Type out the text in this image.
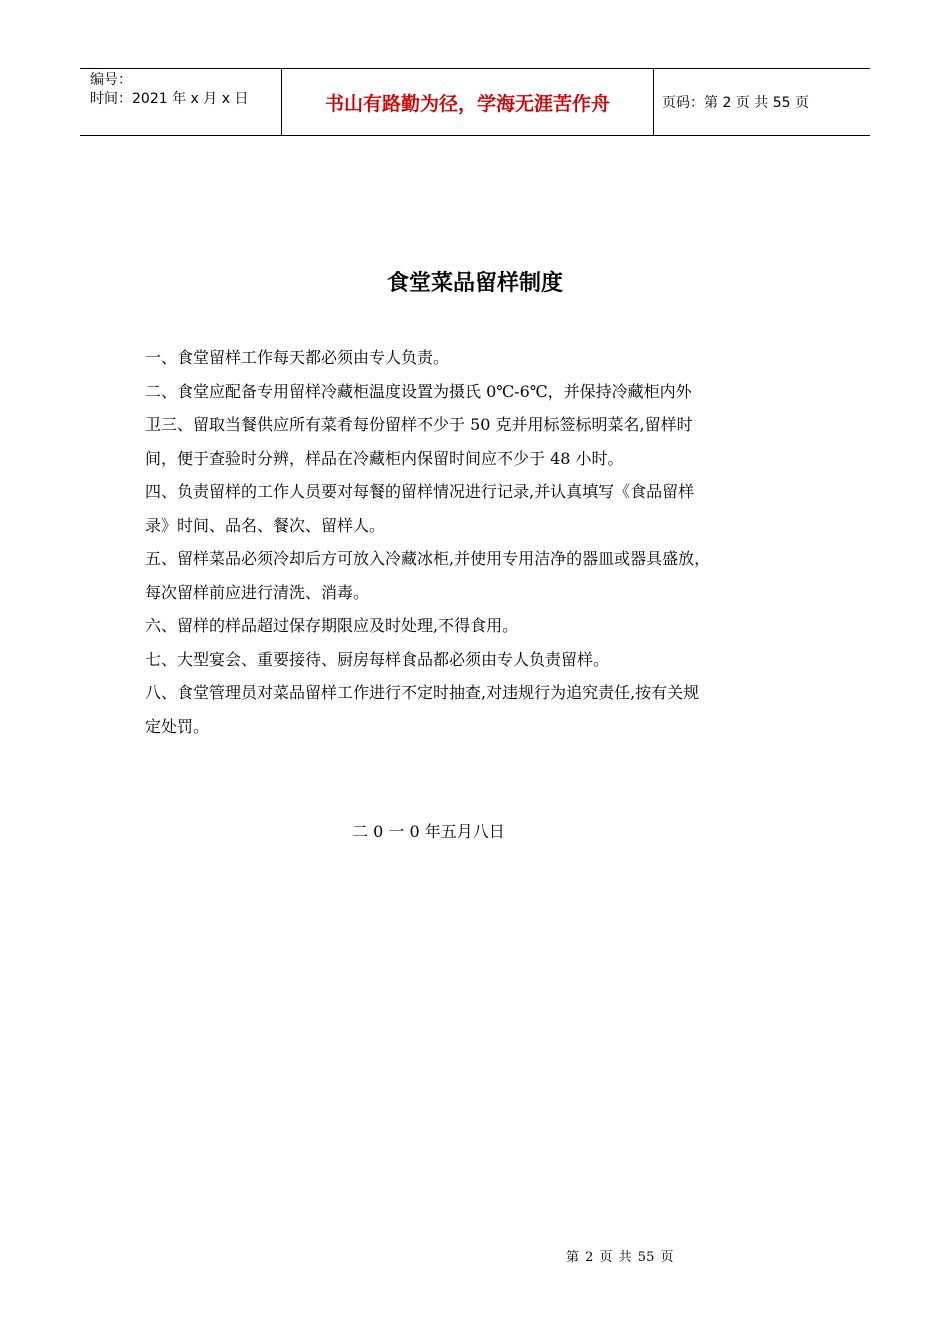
编号：
时间：2021 年 x 月 x 日	书山有路勤为径，学海无涯苦作舟	页码：第 2 页 共 55 页
食堂菜品留样制度
一、食堂留样工作每天都必须由专人负责。
二、食堂应配备专用留样冷藏柜温度设置为摄氏 0℃-6℃，并保持冷藏柜内外
卫三、留取当餐供应所有菜肴每份留样不少于 50 克并用标签标明菜名,留样时
间，便于查验时分辨，样品在冷藏柜内保留时间应不少于 48 小时。
四、负责留样的工作人员要对每餐的留样情况进行记录,并认真填写《食品留样
录》时间、品名、餐次、留样人。
五、留样菜品必须冷却后方可放入冷藏冰柜,并使用专用洁净的器皿或器具盛放，
每次留样前应进行清洗、消毒。
六、留样的样品超过保存期限应及时处理,不得食用。
七、大型宴会、重要接待、厨房每样食品都必须由专人负责留样。
八、食堂管理员对菜品留样工作进行不定时抽查,对违规行为追究责任,按有关规
定处罚。
二 0 一 0 年五月八日
第 2 页 共 55 页
